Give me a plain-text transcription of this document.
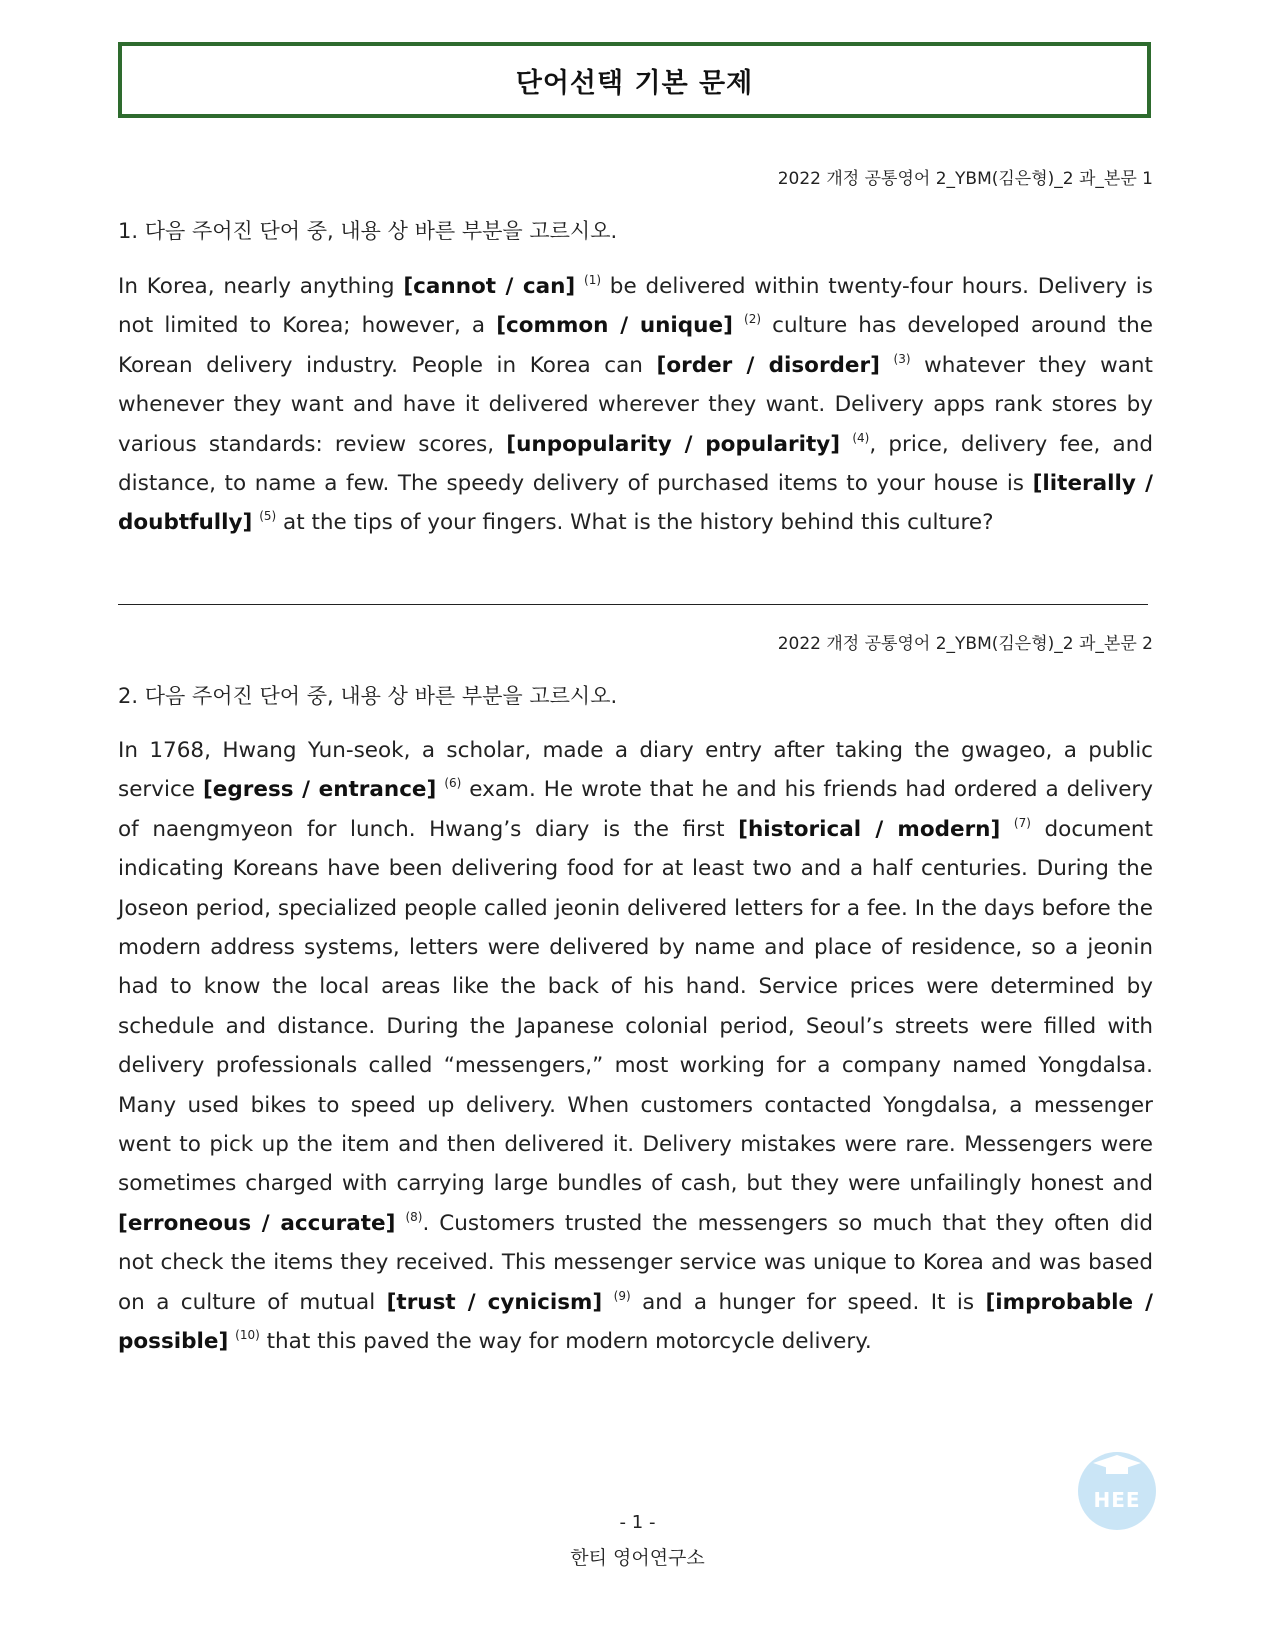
단어선택 기본 문제
2022 개정 공통영어 2_YBM(김은형)_2 과_본문 1
1. 다음 주어진 단어 중, 내용 상 바른 부분을 고르시오.

In Korea, nearly anything [cannot / can] $^{(1)}$ be delivered within twenty-four hours. Delivery is not limited to Korea; however, a [common / unique] $^{(2)}$ culture has developed around the Korean delivery industry. People in Korea can [order / disorder] $^{(3)}$ whatever they want whenever they want and have it delivered wherever they want. Delivery apps rank stores by various standards: review scores, [unpopularity / popularity] $^{(4)}$, price, delivery fee, and distance, to name a few. The speedy delivery of purchased items to your house is [literally / doubtfully] $^{(5)}$ at the tips of your fingers. What is the history behind this culture?

2022 개정 공통영어 2_YBM(김은형)_2 과_본문 2
2. 다음 주어진 단어 중, 내용 상 바른 부분을 고르시오.

In 1768, Hwang Yun-seok, a scholar, made a diary entry after taking the gwageo, a public service [egress / entrance] $^{(6)}$ exam. He wrote that he and his friends had ordered a delivery of naengmyeon for lunch. Hwang’s diary is the first [historical / modern] $^{(7)}$ document indicating Koreans have been delivering food for at least two and a half centuries. During the Joseon period, specialized people called jeonin delivered letters for a fee. In the days before the modern address systems, letters were delivered by name and place of residence, so a jeonin had to know the local areas like the back of his hand. Service prices were determined by schedule and distance. During the Japanese colonial period, Seoul’s streets were filled with delivery professionals called “messengers,” most working for a company named Yongdalsa. Many used bikes to speed up delivery. When customers contacted Yongdalsa, a messenger went to pick up the item and then delivered it. Delivery mistakes were rare. Messengers were sometimes charged with carrying large bundles of cash, but they were unfailingly honest and [erroneous / accurate] $^{(8)}$. Customers trusted the messengers so much that they often did not check the items they received. This messenger service was unique to Korea and was based on a culture of mutual [trust / cynicism] $^{(9)}$ and a hunger for speed. It is [improbable / possible] $^{(10)}$ that this paved the way for modern motorcycle delivery.

- 1 -
한티 영어연구소
HEE
